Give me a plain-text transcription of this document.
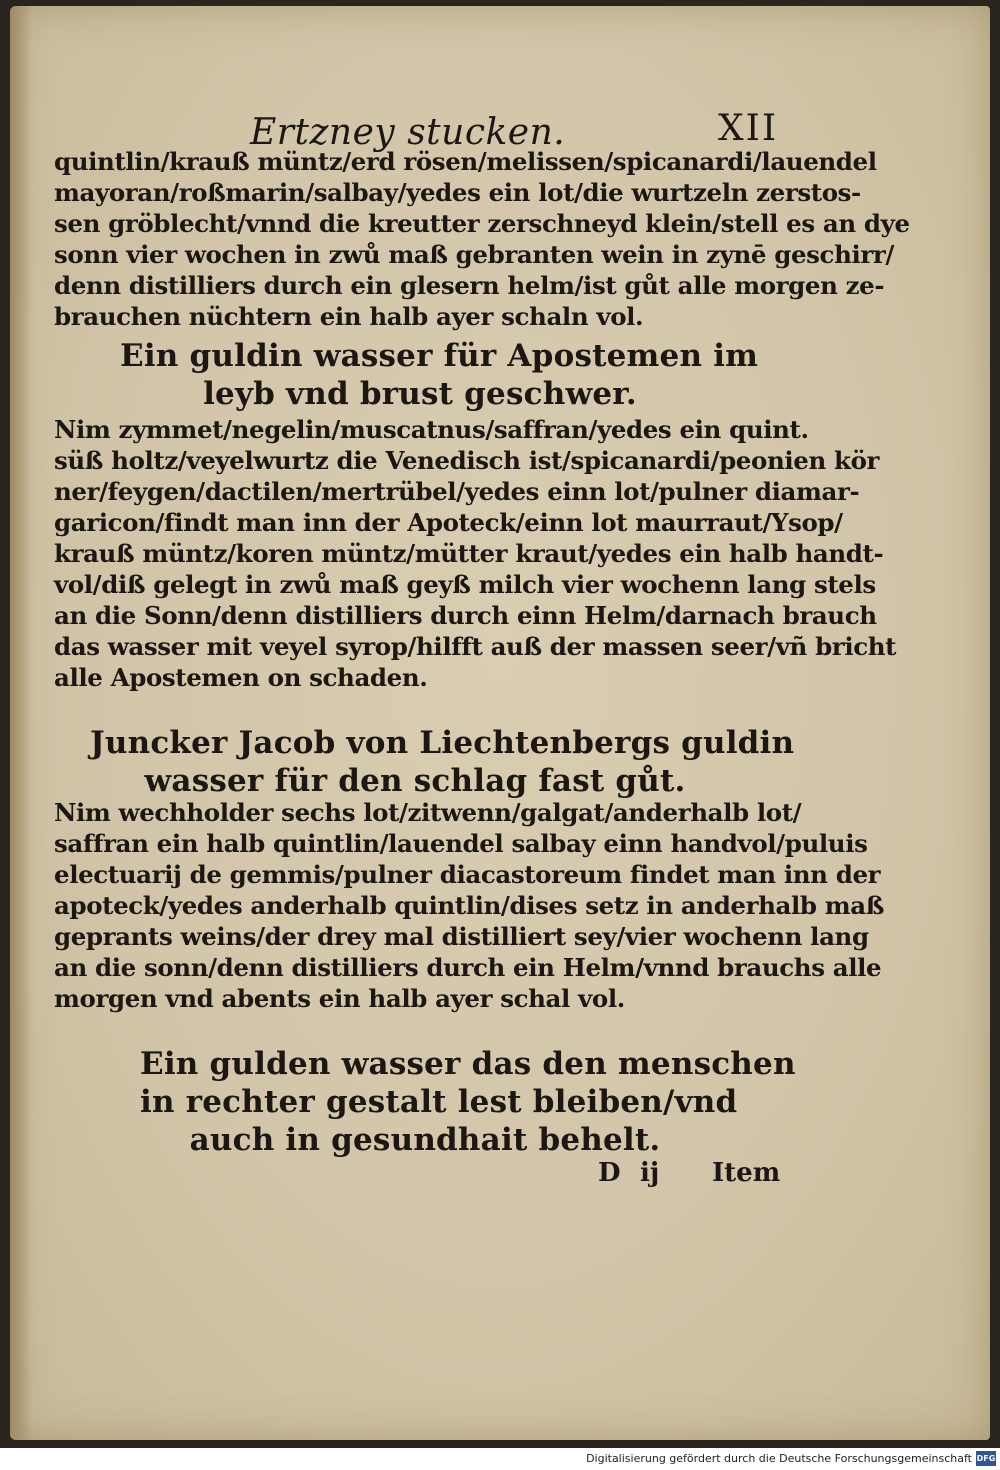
Ertzney stucken.	XII
quintlin/krauß müntz/erd rösen/melissen/spicanardi/lauendel
mayoran/roßmarin/salbay/yedes ein lot/die wurtzeln zerstos-
sen gröblecht/vnnd die kreutter zerschneyd klein/stell es an dye
sonn vier wochen in zwů maß gebranten wein in zynē geschirr/
denn distilliers durch ein glesern helm/ist gůt alle morgen ze-
brauchen nüchtern ein halb ayer schaln vol.
Ein guldin wasser für Apostemen im
leyb vnd brust geschwer.
Nim zymmet/negelin/muscatnus/saffran/yedes ein quint.
süß holtz/veyelwurtz die Venedisch ist/spicanardi/peonien kör
ner/feygen/dactilen/mertrübel/yedes einn lot/pulner diamar-
garicon/findt man inn der Apoteck/einn lot maurraut/Ysop/
krauß müntz/koren müntz/mütter kraut/yedes ein halb handt-
vol/diß gelegt in zwů maß geyß milch vier wochenn lang stels
an die Sonn/denn distilliers durch einn Helm/darnach brauch
das wasser mit veyel syrop/hilfft auß der massen seer/vñ bricht
alle Apostemen on schaden.
Juncker Jacob von Liechtenbergs guldin
wasser für den schlag fast gůt.
Nim wechholder sechs lot/zitwenn/galgat/anderhalb lot/
saffran ein halb quintlin/lauendel salbay einn handvol/puluis
electuarij de gemmis/pulner diacastoreum findet man inn der
apoteck/yedes anderhalb quintlin/dises setz in anderhalb maß
geprants weins/der drey mal distilliert sey/vier wochenn lang
an die sonn/denn distilliers durch ein Helm/vnnd brauchs alle
morgen vnd abents ein halb ayer schal vol.
Ein gulden wasser das den menschen
in rechter gestalt lest bleiben/vnd
auch in gesundhait behelt.
D ij Item
Digitalisierung gefördert durch die Deutsche Forschungsgemeinschaft DFG
